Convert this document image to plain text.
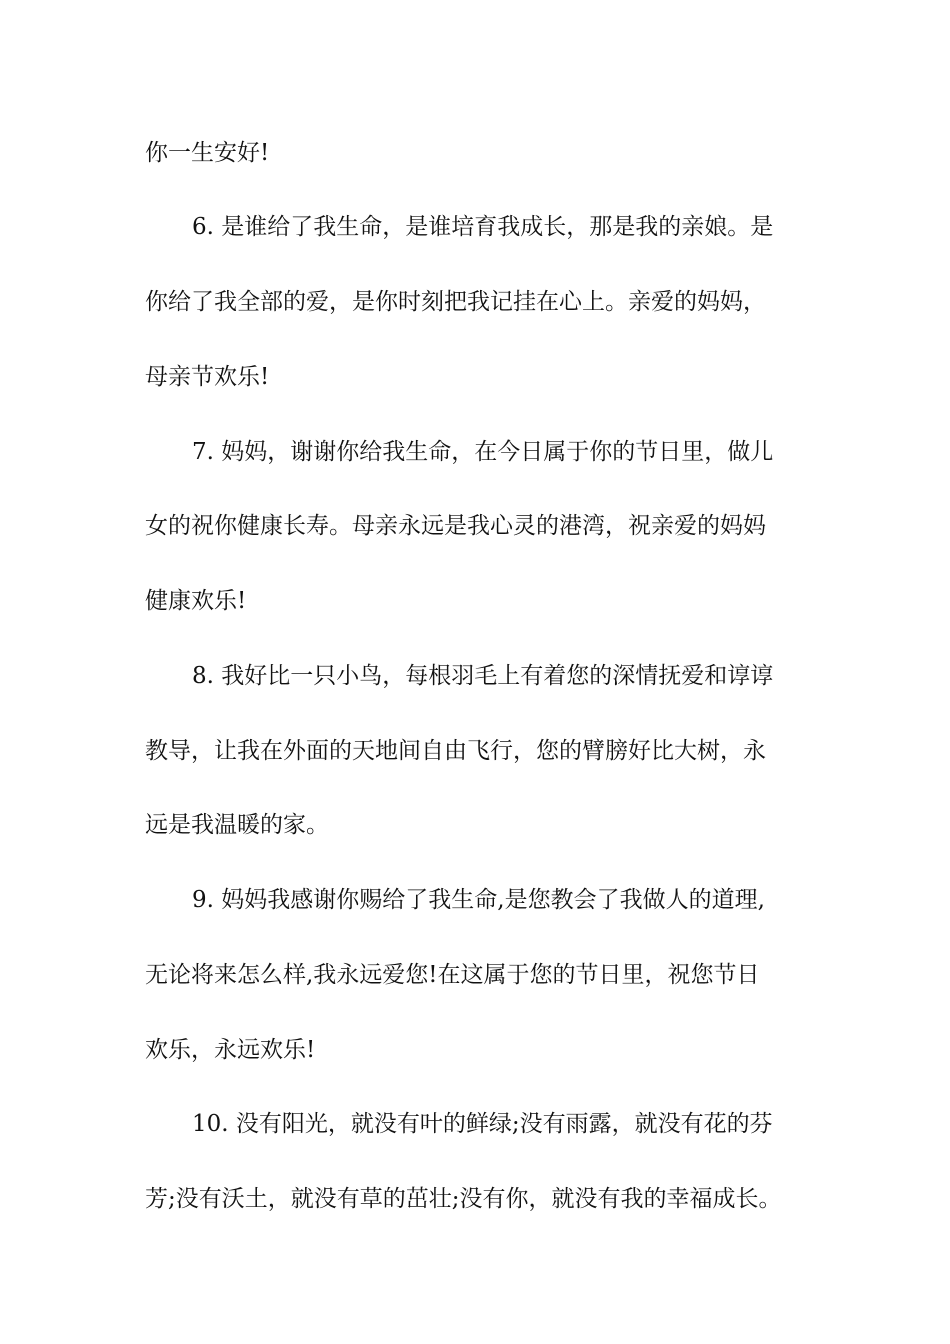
你一生安好!
6. 是谁给了我生命，是谁培育我成长，那是我的亲娘。是
你给了我全部的爱，是你时刻把我记挂在心上。亲爱的妈妈，
母亲节欢乐!
7. 妈妈，谢谢你给我生命，在今日属于你的节日里，做儿
女的祝你健康长寿。母亲永远是我心灵的港湾，祝亲爱的妈妈
健康欢乐!
8. 我好比一只小鸟，每根羽毛上有着您的深情抚爱和谆谆
教导，让我在外面的天地间自由飞行，您的臂膀好比大树，永
远是我温暖的家。
9. 妈妈我感谢你赐给了我生命,是您教会了我做人的道理,
无论将来怎么样,我永远爱您!在这属于您的节日里，祝您节日
欢乐，永远欢乐!
10. 没有阳光，就没有叶的鲜绿;没有雨露，就没有花的芬
芳;没有沃土，就没有草的茁壮;没有你，就没有我的幸福成长。
